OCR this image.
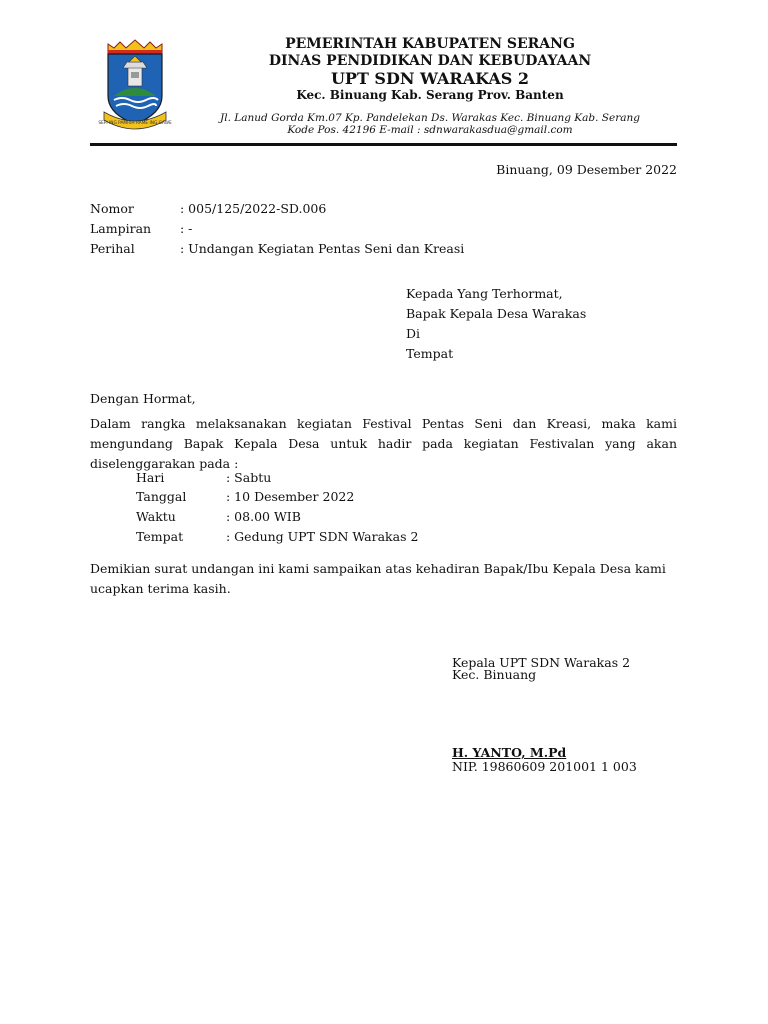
SEPI ING PAMRIH RAME ING GAWE
PEMERINTAH KABUPATEN SERANG
DINAS PENDIDIKAN DAN KEBUDAYAAN
UPT SDN WARAKAS 2
Kec. Binuang Kab. Serang Prov. Banten
Jl. Lanud Gorda Km.07 Kp. Pandelekan Ds. Warakas Kec. Binuang Kab. Serang
Kode Pos. 42196 E-mail : sdnwarakasdua@gmail.com
Binuang, 09 Desember 2022
Nomor	: 005/125/2022-SD.006
Lampiran : -
Perihal	: Undangan Kegiatan Pentas Seni dan Kreasi
Kepada Yang Terhormat,
Bapak Kepala Desa Warakas
Di
Tempat
Dengan Hormat,
Dalam rangka melaksanakan kegiatan Festival Pentas Seni dan Kreasi, maka kami mengundang Bapak Kepala Desa untuk hadir pada kegiatan Festivalan yang akan diselenggarakan pada :
Hari	: Sabtu
Tanggal	: 10 Desember 2022
Waktu	: 08.00 WIB
Tempat	: Gedung UPT SDN Warakas 2
Demikian surat undangan ini kami sampaikan atas kehadiran Bapak/Ibu Kepala Desa kami ucapkan terima kasih.
Kepala UPT SDN Warakas 2
Kec. Binuang
H. YANTO, M.Pd
NIP. 19860609 201001 1 003
